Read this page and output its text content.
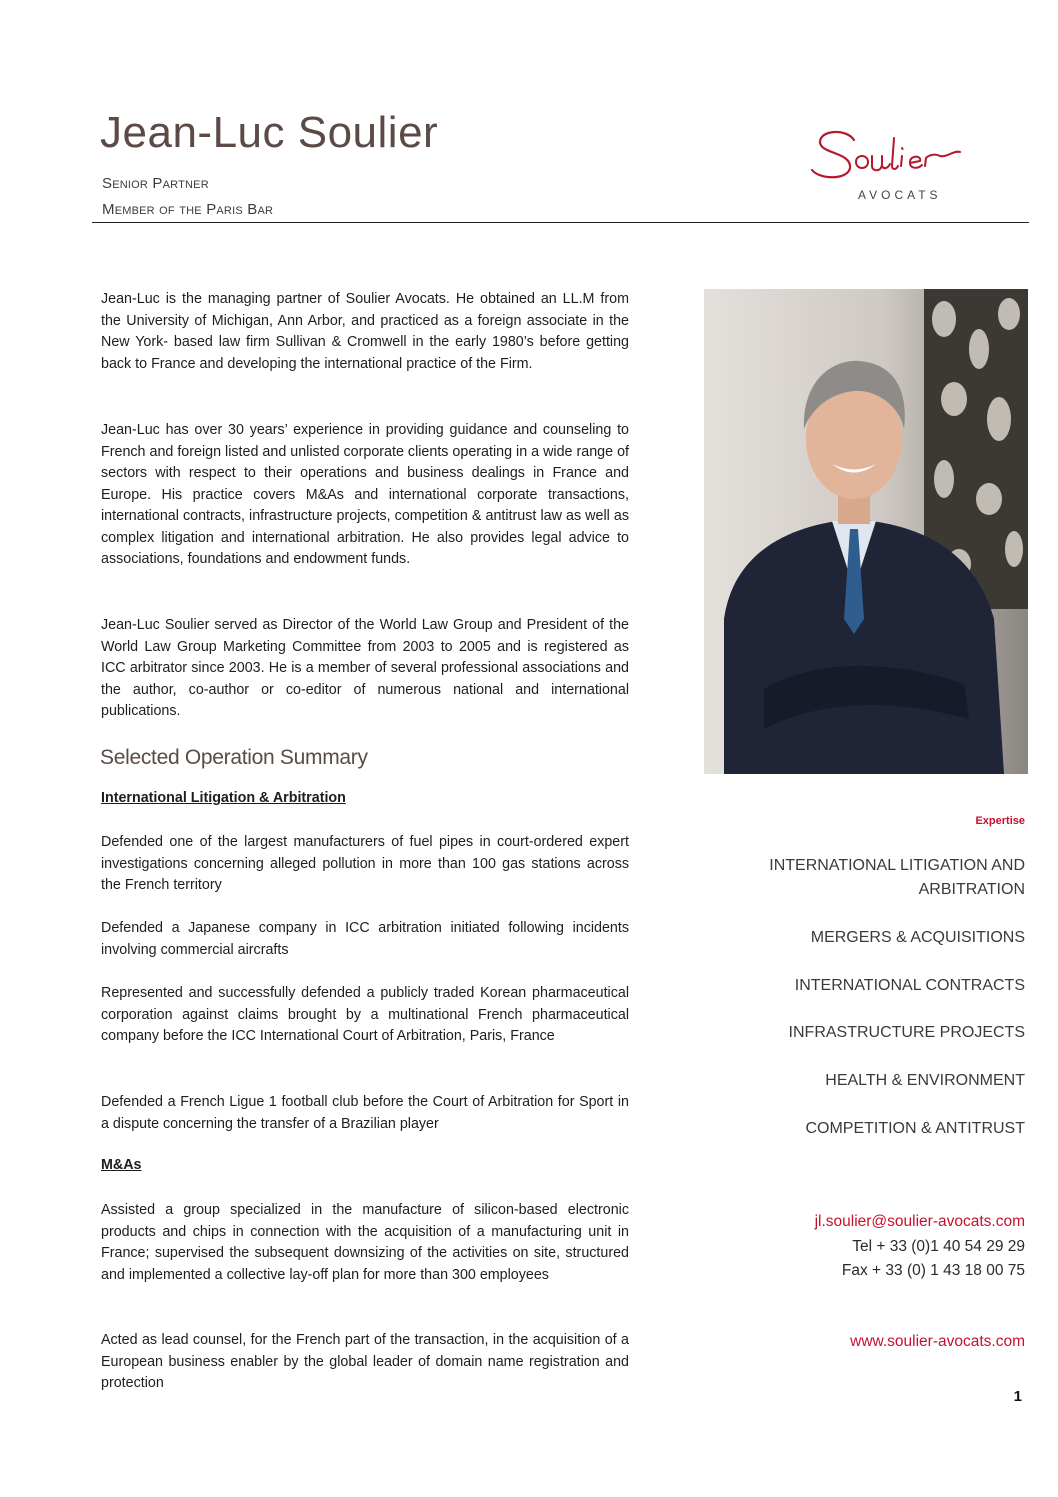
Jean-Luc Soulier
Senior Partner
Member of the Paris Bar
AVOCATS

Jean-Luc is the managing partner of Soulier Avocats. He obtained an LL.M from the University of Michigan, Ann Arbor, and practiced as a foreign associate in the New York- based law firm Sullivan & Cromwell in the early 1980’s before getting back to France and developing the international practice of the Firm.

Jean-Luc has over 30 years’ experience in providing guidance and counseling to French and foreign listed and unlisted corporate clients operating in a wide range of sectors with respect to their operations and business dealings in France and Europe. His practice covers M&As and international corporate transactions, international contracts, infrastructure projects, competition & antitrust law as well as complex litigation and international arbitration. He also provides legal advice to associations, foundations and endowment funds.

Jean-Luc Soulier served as Director of the World Law Group and President of the World Law Group Marketing Committee from 2003 to 2005 and is registered as ICC arbitrator since 2003. He is a member of several professional associations and the author, co-author or co-editor of numerous national and international publications.

Selected Operation Summary
International Litigation & Arbitration

Defended one of the largest manufacturers of fuel pipes in court-ordered expert investigations concerning alleged pollution in more than 100 gas stations across the French territory

Defended a Japanese company in ICC arbitration initiated following incidents involving commercial aircrafts

Represented and successfully defended a publicly traded Korean pharmaceutical corporation against claims brought by a multinational French pharmaceutical company before the ICC International Court of Arbitration, Paris, France

Defended a French Ligue 1 football club before the Court of Arbitration for Sport in a dispute concerning the transfer of a Brazilian player

M&As

Assisted a group specialized in the manufacture of silicon-based electronic products and chips in connection with the acquisition of a manufacturing unit in France; supervised the subsequent downsizing of the activities on site, structured and implemented a collective lay-off plan for more than 300 employees

Acted as lead counsel, for the French part of the transaction, in the acquisition of a European business enabler by the global leader of domain name registration and protection

Expertise

INTERNATIONAL LITIGATION AND ARBITRATION

MERGERS & ACQUISITIONS

INTERNATIONAL CONTRACTS

INFRASTRUCTURE PROJECTS

HEALTH & ENVIRONMENT

COMPETITION & ANTITRUST

jl.soulier@soulier-avocats.com
Tel + 33 (0)1 40 54 29 29
Fax + 33 (0) 1 43 18 00 75
www.soulier-avocats.com
1
